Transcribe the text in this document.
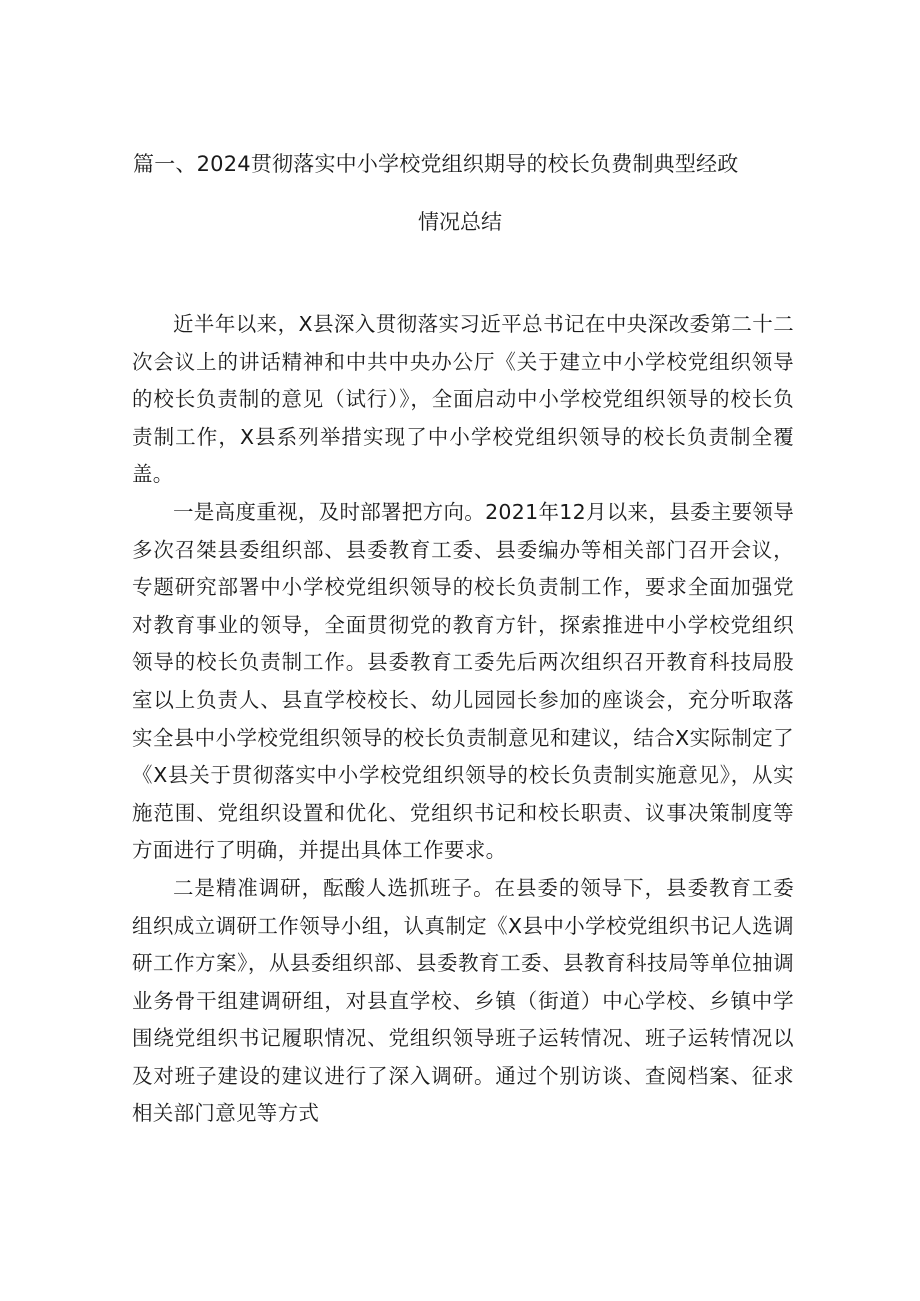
篇一、2024贯彻落实中小学校党组织期导的校长负费制典型经政
情况总结

近半年以来，X县深入贯彻落实习近平总书记在中央深改委第二十二次会议上的讲话精神和中共中央办公厅《关于建立中小学校党组织领导的校长负责制的意见（试行）》，全面启动中小学校党组织领导的校长负责制工作，X县系列举措实现了中小学校党组织领导的校长负责制全覆盖。

一是高度重视，及时部署把方向。2021年12月以来，县委主要领导多次召桀县委组织部、县委教育工委、县委编办等相关部门召开会议，专题研究部署中小学校党组织领导的校长负责制工作，要求全面加强党对教育事业的领导，全面贯彻党的教育方针，探索推进中小学校党组织领导的校长负责制工作。县委教育工委先后两次组织召开教育科技局股室以上负责人、县直学校校长、幼儿园园长参加的座谈会，充分听取落实全县中小学校党组织领导的校长负责制意见和建议，结合X实际制定了《X县关于贯彻落实中小学校党组织领导的校长负责制实施意见》，从实施范围、党组织设置和优化、党组织书记和校长职责、议事决策制度等方面进行了明确，并提出具体工作要求。

二是精准调研，酝酸人选抓班子。在县委的领导下，县委教育工委组织成立调研工作领导小组，认真制定《X县中小学校党组织书记人选调研工作方案》，从县委组织部、县委教育工委、县教育科技局等单位抽调业务骨干组建调研组，对县直学校、乡镇（街道）中心学校、乡镇中学围绕党组织书记履职情况、党组织领导班子运转情况、班子运转情况以及对班子建设的建议进行了深入调研。通过个别访谈、查阅档案、征求相关部门意见等方式
